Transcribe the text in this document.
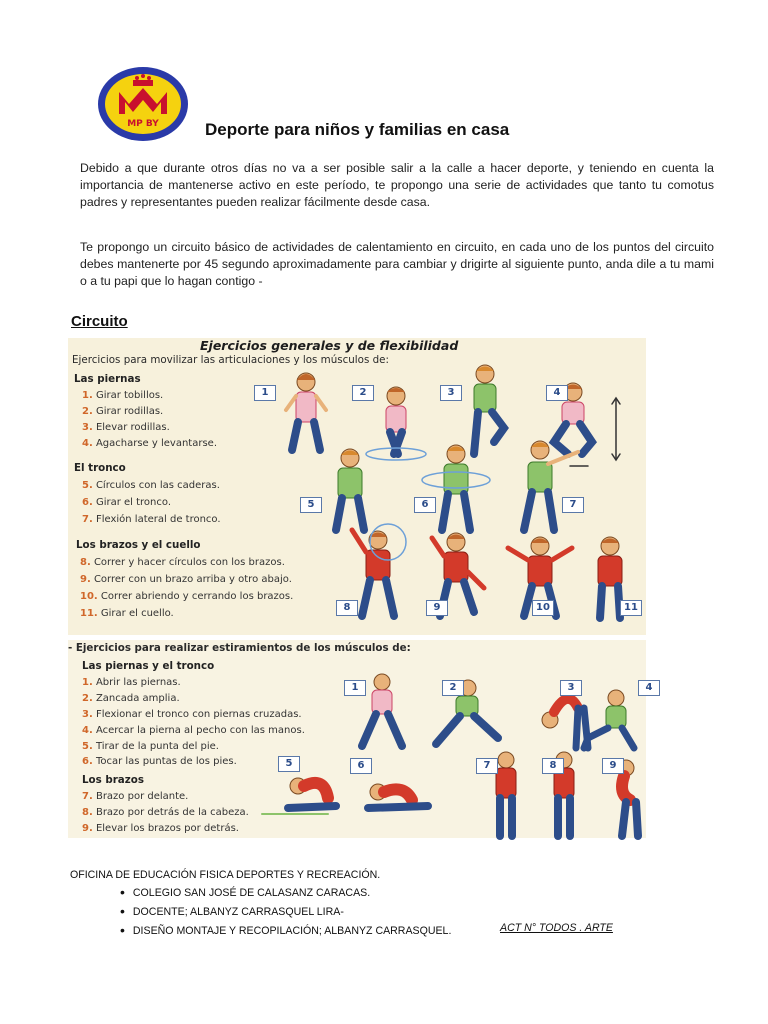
MP BY	Deporte para niños y familias en casa
Debido a que durante otros días no va a ser posible salir a la calle a hacer deporte, y teniendo en cuenta la importancia de mantenerse activo en este período, te propongo una serie de actividades que tanto tu comotus padres y representantes pueden realizar fácilmente desde casa.
Te propongo un circuito básico de actividades de calentamiento en circuito, en cada uno de los puntos del circuito debes mantenerte por 45 segundo aproximadamente para cambiar y drigirte al siguiente punto, anda dile a tu mami o a tu papi que lo hagan contigo -
Circuito
Ejercicios generales y de flexibilidad
Ejercicios para movilizar las articulaciones y los músculos de:
Las piernas
1. Girar tobillos.
2. Girar rodillas.
3. Elevar rodillas.
4. Agacharse y levantarse.
El tronco
5. Círculos con las caderas.
6. Girar el tronco.
7. Flexión lateral de tronco.
Los brazos y el cuello
8. Correr y hacer círculos con los brazos.
9. Correr con un brazo arriba y otro abajo.
10. Correr abriendo y cerrando los brazos.
11. Girar el cuello.
1	2	3	4
5	6	7
8	9	10	11
- Ejercicios para realizar estiramientos de los músculos de:
Las piernas y el tronco
1. Abrir las piernas.
2. Zancada amplia.
3. Flexionar el tronco con piernas cruzadas.
4. Acercar la pierna al pecho con las manos.
5. Tirar de la punta del pie.
6. Tocar las puntas de los pies.
Los brazos
7. Brazo por delante.
8. Brazo por detrás de la cabeza.
9. Elevar los brazos por detrás.
1	2	3	4
5	6	7	8	9
OFICINA DE EDUCACIÓN FISICA DEPORTES Y RECREACIÓN.
• COLEGIO SAN JOSÉ DE CALASANZ CARACAS.
• DOCENTE; ALBANYZ CARRASQUEL LIRA-
• DISEÑO MONTAJE Y RECOPILACIÓN; ALBANYZ CARRASQUEL.	ACT N° TODOS . ARTE
